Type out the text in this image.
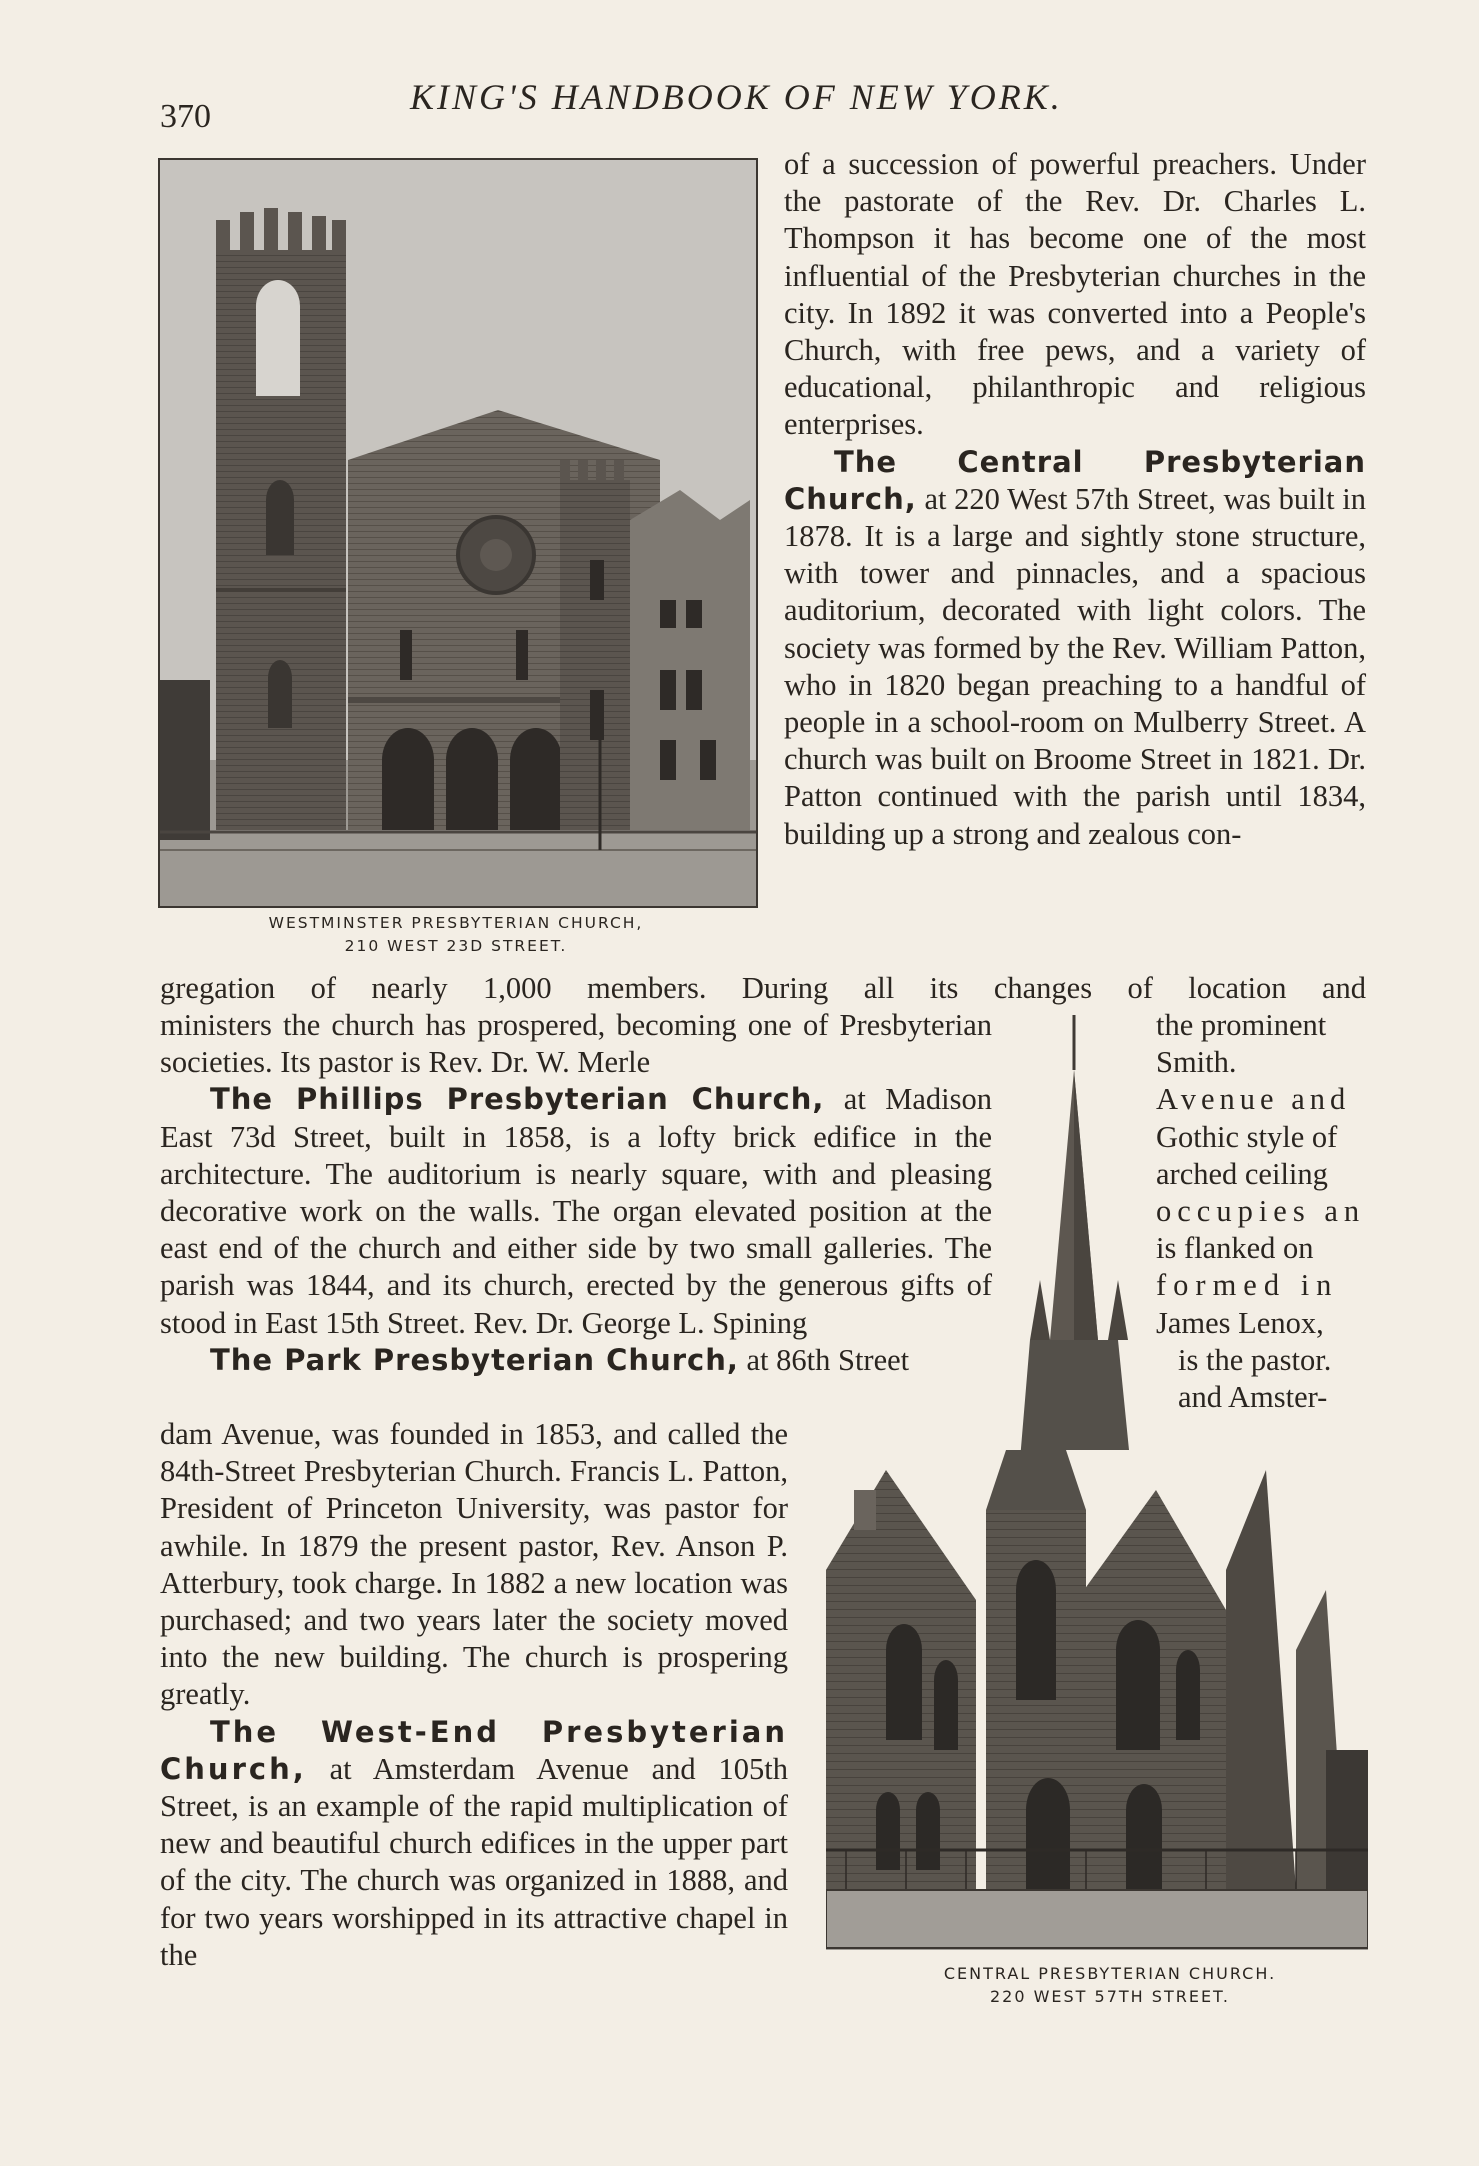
370	KING'S HANDBOOK OF NEW YORK.
WESTMINSTER PRESBYTERIAN CHURCH,
210 WEST 23D STREET.

of a succession of powerful preachers. Under the pastorate of the Rev. Dr. Charles L. Thompson it has become one of the most influential of the Presbyterian churches in the city. In 1892 it was converted into a People's Church, with free pews, and a variety of educational, philanthropic and religious enterprises.

The Central Presbyterian Church, at 220 West 57th Street, was built in 1878. It is a large and sightly stone structure, with tower and pinnacles, and a spacious auditorium, decorated with light colors. The society was formed by the Rev. William Patton, who in 1820 began preaching to a handful of people in a school-room on Mulberry Street. A church was built on Broome Street in 1821. Dr. Patton continued with the parish until 1834, building up a strong and zealous con-

gregation of nearly 1,000 members. During all its changes of location and

ministers the church has prospered, becoming one of Presbyterian societies. Its pastor is Rev. Dr. W. Merle

The Phillips Presbyterian Church, at Madison East 73d Street, built in 1858, is a lofty brick edifice in the architecture. The auditorium is nearly square, with and pleasing decorative work on the walls. The organ elevated position at the east end of the church and either side by two small galleries. The parish was 1844, and its church, erected by the generous gifts of stood in East 15th Street. Rev. Dr. George L. Spining

The Park Presbyterian Church, at 86th Street

the prominent

Smith.

Avenue and

Gothic style of

arched ceiling

occupies an

is flanked on

formed in

James Lenox,

is the pastor.

and Amster-

dam Avenue, was founded in 1853, and called the 84th-Street Presbyterian Church. Francis L. Patton, President of Princeton University, was pastor for awhile. In 1879 the present pastor, Rev. Anson P. Atterbury, took charge. In 1882 a new location was purchased; and two years later the society moved into the new building. The church is prospering greatly.

The West-End Presbyterian Church, at Amsterdam Avenue and 105th Street, is an example of the rapid multiplication of new and beautiful church edifices in the upper part of the city. The church was organized in 1888, and for two years worshipped in its attractive chapel in the

CENTRAL PRESBYTERIAN CHURCH.
220 WEST 57TH STREET.
